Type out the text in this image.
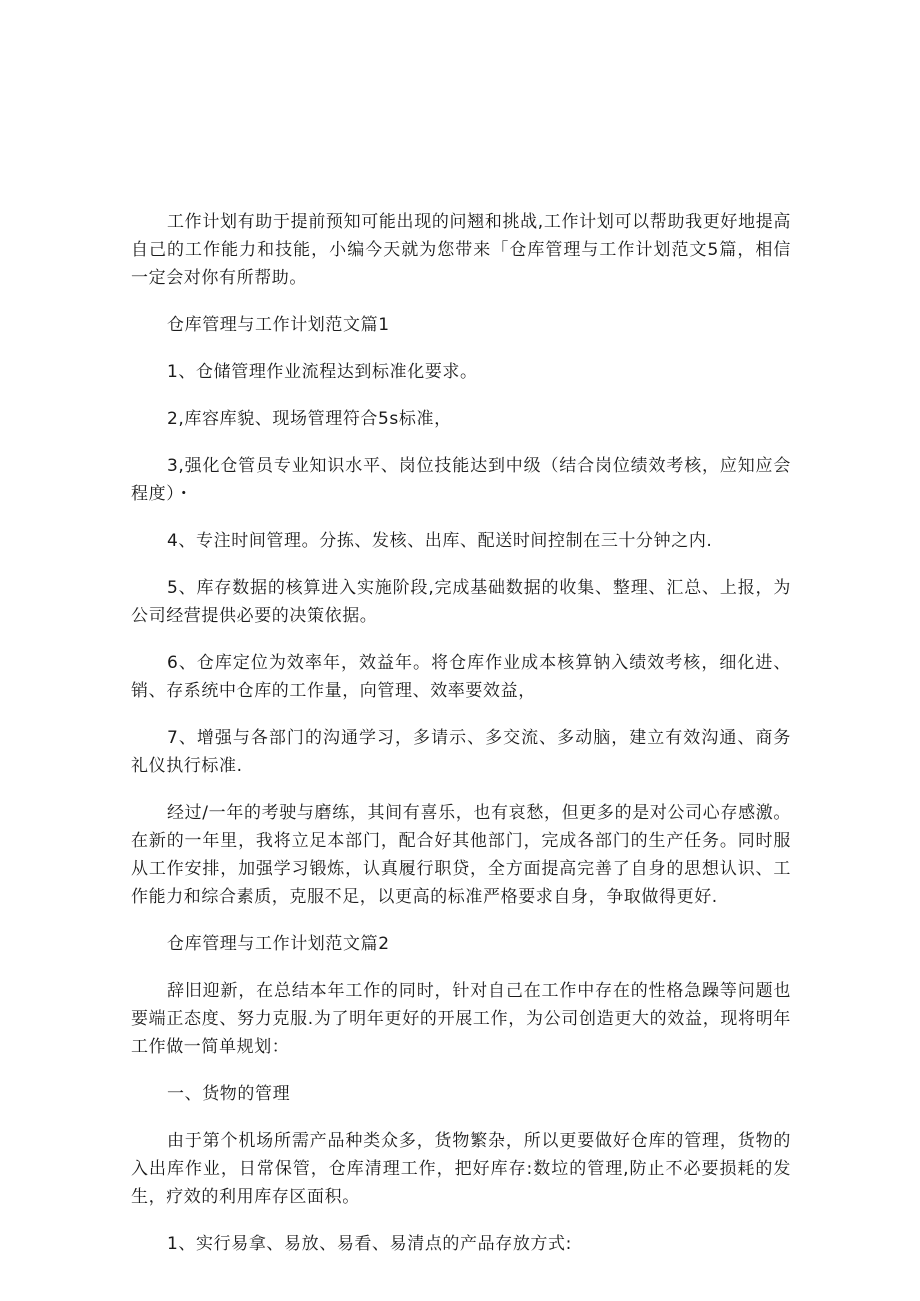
工作计划有助于提前预知可能出现的问翘和挑战,工作计划可以帮助我更好地提高自己的工作能力和技能，小编今天就为您带来「仓库管理与工作计划范文5篇，相信一定会对你有所帮助。

仓库管理与工作计划范文篇1

1、仓储管理作业流程达到标准化要求。

2,库容库貌、现场管理符合5s标准，

3,强化仓管员专业知识水平、岗位技能达到中级（结合岗位绩效考核，应知应会程度）・

4、专注时间管理。分拣、发核、出库、配送时间控制在三十分钟之内.

5、库存数据的核算进入实施阶段,完成基础数据的收集、整理、汇总、上报，为公司经营提供必要的决策依据。

6、仓库定位为效率年，效益年。将仓库作业成本核算钠入绩效考核，细化进、销、存系统中仓库的工作量，向管理、效率要效益，

7、增强与各部门的沟通学习，多请示、多交流、多动脑，建立有效沟通、商务礼仪执行标准.

经过/一年的考驶与磨练，其间有喜乐，也有哀愁，但更多的是对公司心存感激。在新的一年里，我将立足本部门，配合好其他部门，完成各部门的生产任务。同时服从工作安排，加强学习锻炼，认真履行职贷，全方面提高完善了自身的思想认识、工作能力和综合素质，克服不足，以更高的标准严格要求自身，争取做得更好.

仓库管理与工作计划范文篇2

辞旧迎新，在总结本年工作的同时，针对自己在工作中存在的性格急躁等问题也要端正态度、努力克服.为了明年更好的开展工作，为公司创造更大的效益，现将明年工作做一简单规划：

一、货物的管理

由于第个机场所需产品种类众多，货物繁杂，所以更要做好仓库的管理，货物的入出库作业，日常保管，仓库清理工作，把好库存:数垃的管理,防止不必要损耗的发生，疗效的利用库存区面积。

1、实行易拿、易放、易看、易清点的产品存放方式:
